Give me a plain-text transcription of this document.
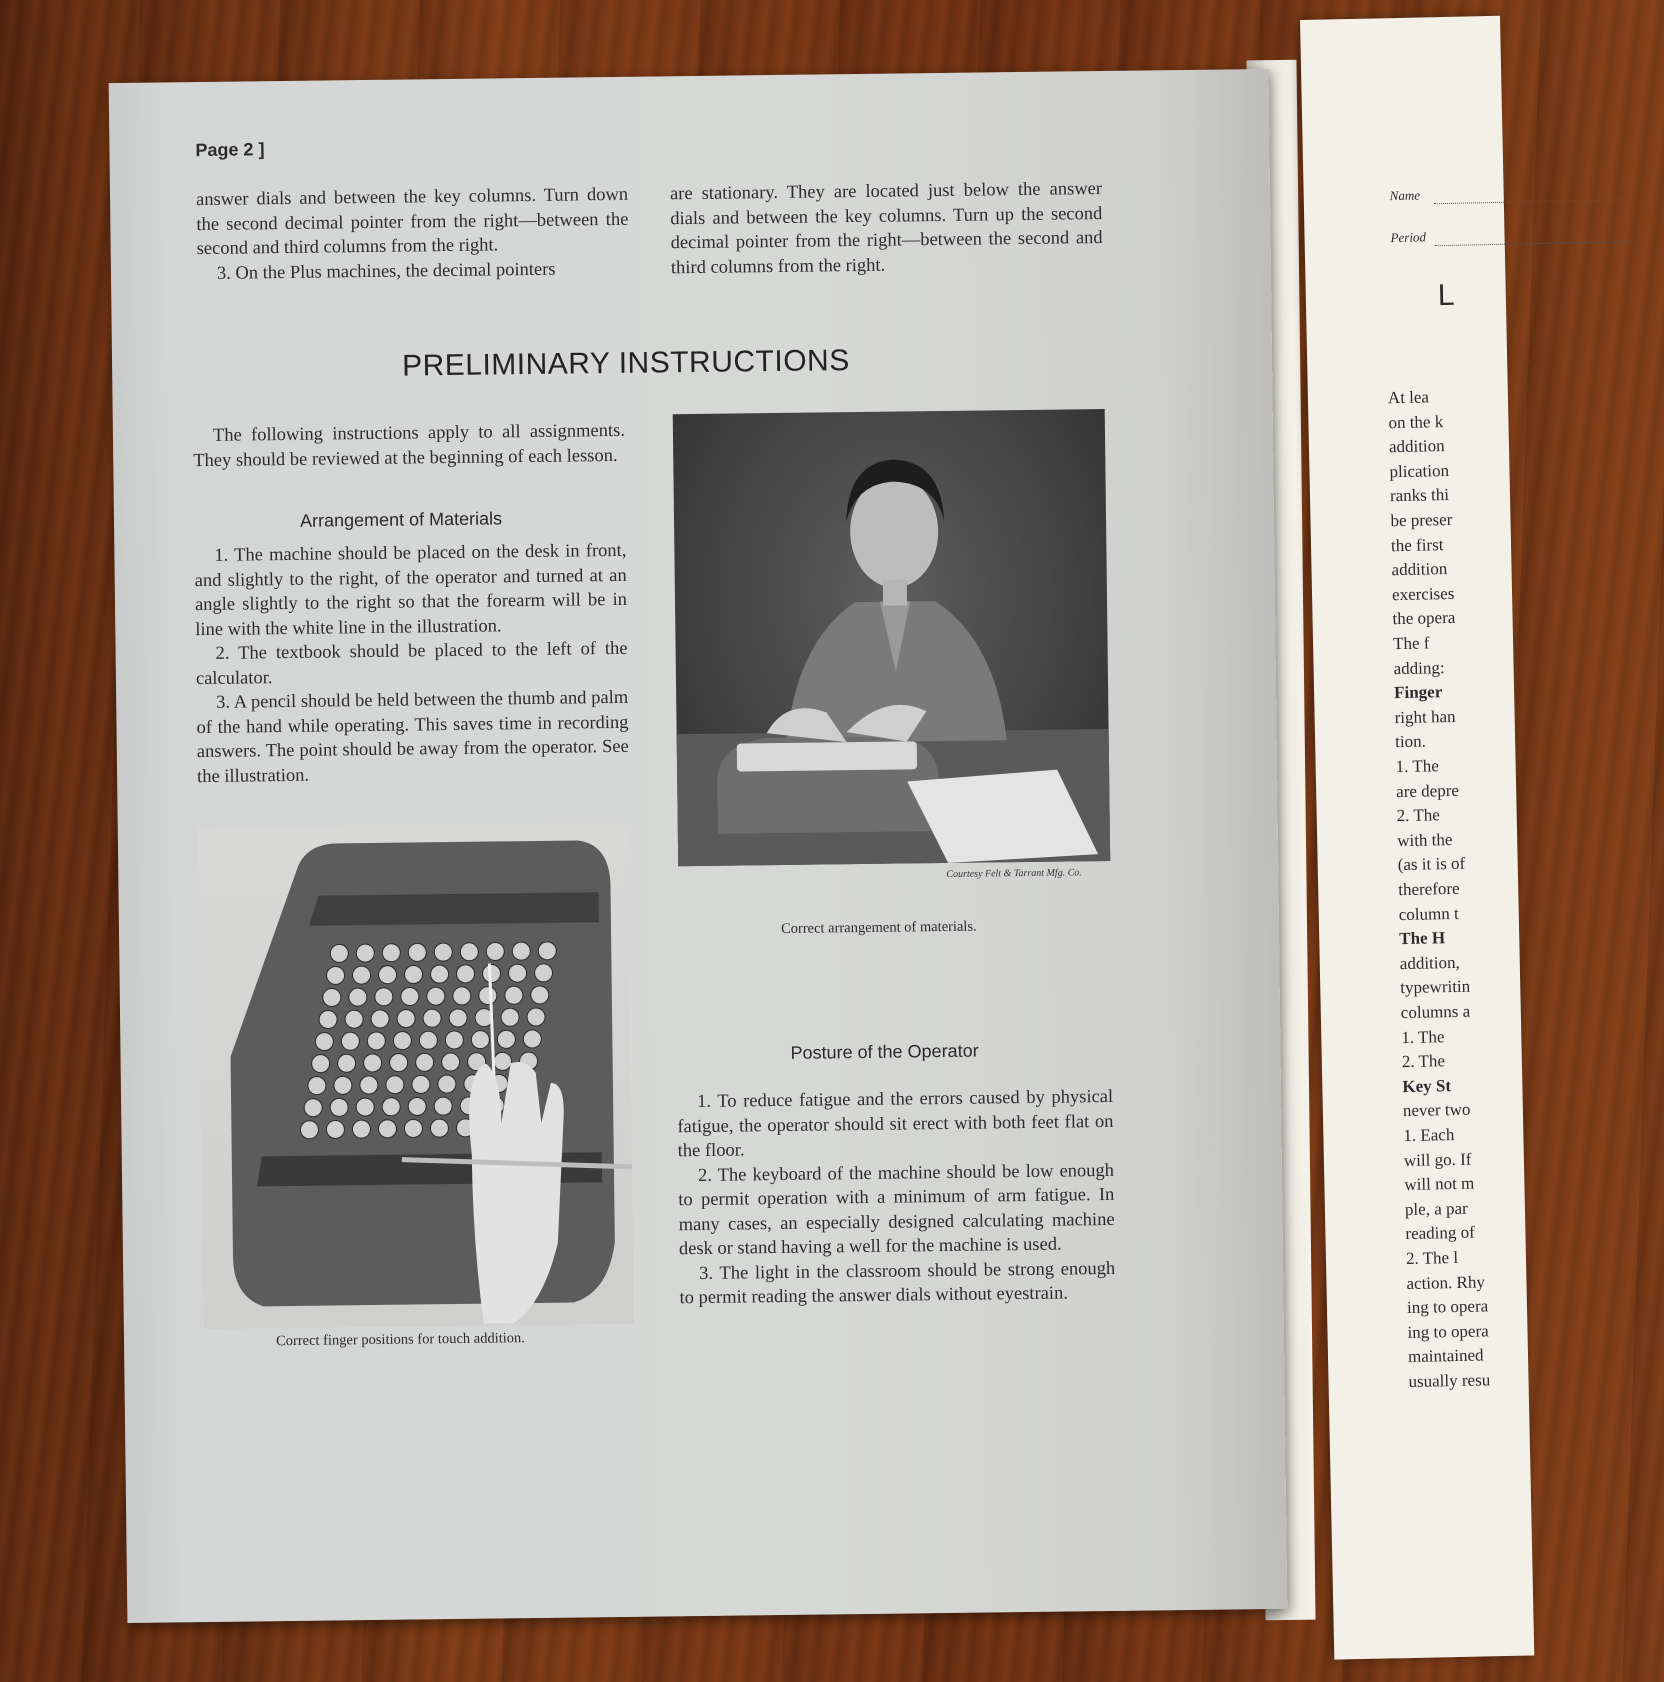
Name
Period
L
At lea
on the k
addition
plication
ranks thi
be preser
the first
addition
exercises
the opera
The f
adding:
Finger
right han
tion.
1. The
are depre
2. The
with the
(as it is of
therefore
column t
The H
addition,
typewritin
columns a
1. The
2. The
Key St
never two
1. Each
will go. If
will not m
ple, a par
reading of
2. The l
action. Rhy
ing to opera
ing to opera
maintained
usually resu
Page 2 ]

answer dials and between the key columns. Turn down the second decimal pointer from the right—between the second and third columns from the right.

3. On the Plus machines, the decimal pointers

are stationary. They are located just below the answer dials and between the key columns. Turn up the second decimal pointer from the right—between the second and third columns from the right.

PRELIMINARY INSTRUCTIONS

The following instructions apply to all assignments. They should be reviewed at the beginning of each lesson.

Arrangement of Materials

1. The machine should be placed on the desk in front, and slightly to the right, of the operator and turned at an angle slightly to the right so that the forearm will be in line with the white line in the illustration.

2. The textbook should be placed to the left of the calculator.

3. A pencil should be held between the thumb and palm of the hand while operating. This saves time in recording answers. The point should be away from the operator. See the illustration.

Courtesy Felt & Tarrant Mfg. Co.
Correct arrangement of materials.
Correct finger positions for touch addition.
Posture of the Operator

1. To reduce fatigue and the errors caused by physical fatigue, the operator should sit erect with both feet flat on the floor.

2. The keyboard of the machine should be low enough to permit operation with a minimum of arm fatigue. In many cases, an especially designed calculating machine desk or stand having a well for the machine is used.

3. The light in the classroom should be strong enough to permit reading the answer dials without eyestrain.
